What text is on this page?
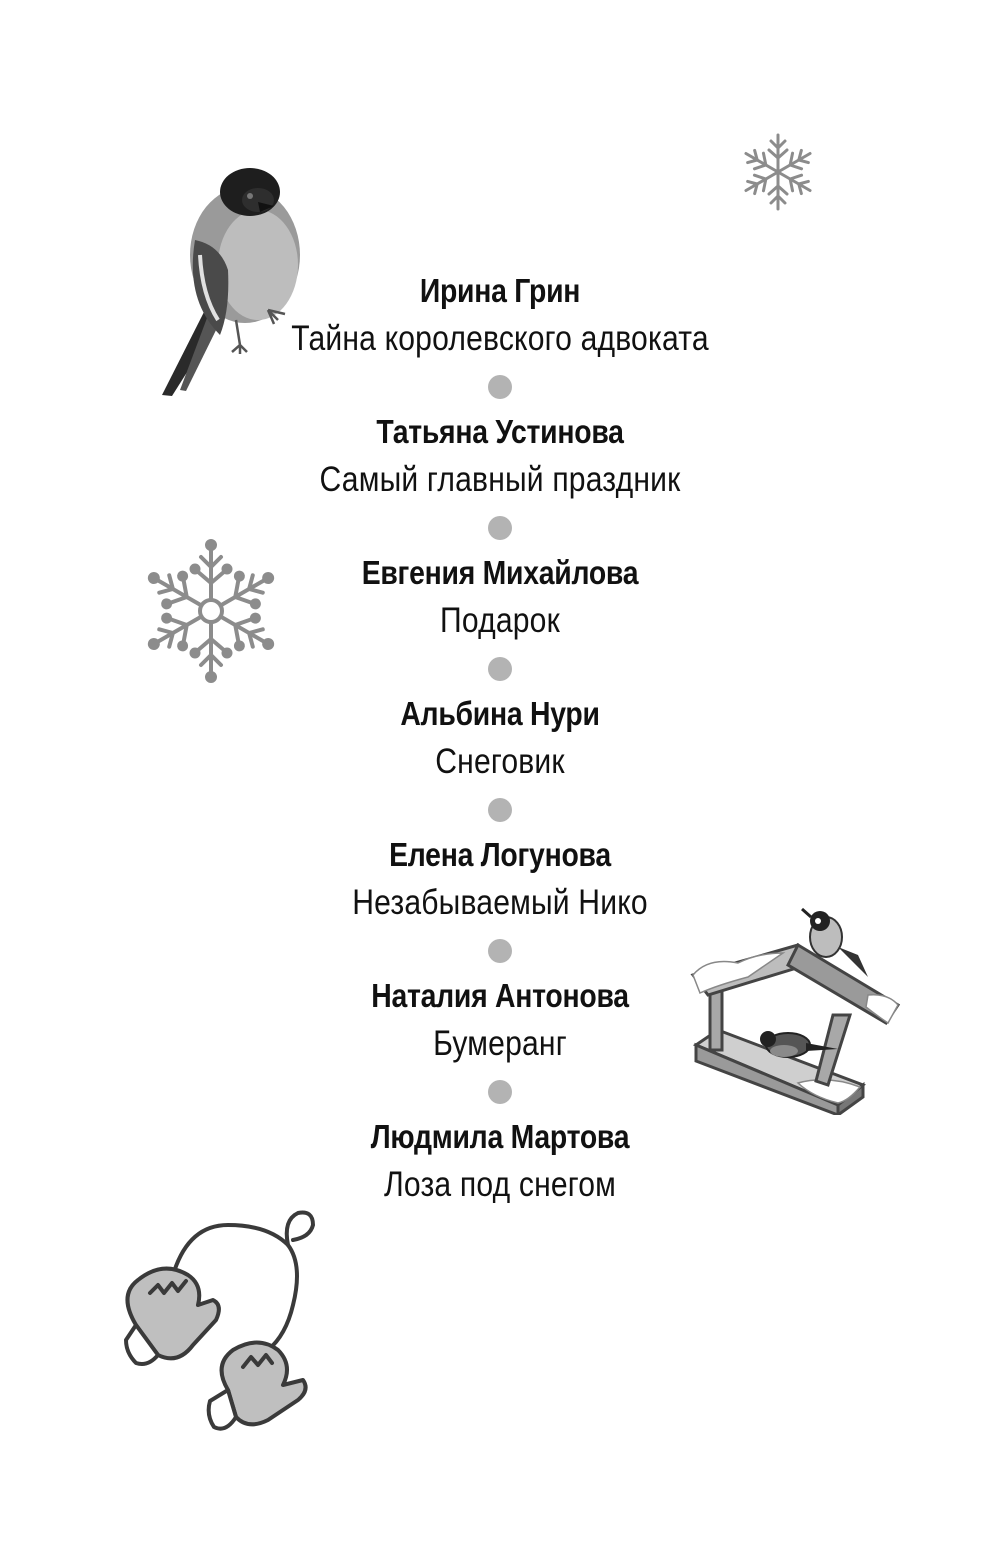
Ирина Грин
Тайна королевского адвоката
Татьяна Устинова
Самый главный праздник
Евгения Михайлова
Подарок
Альбина Нури
Снеговик
Елена Логунова
Незабываемый Нико
Наталия Антонова
Бумеранг
Людмила Мартова
Лоза под снегом
